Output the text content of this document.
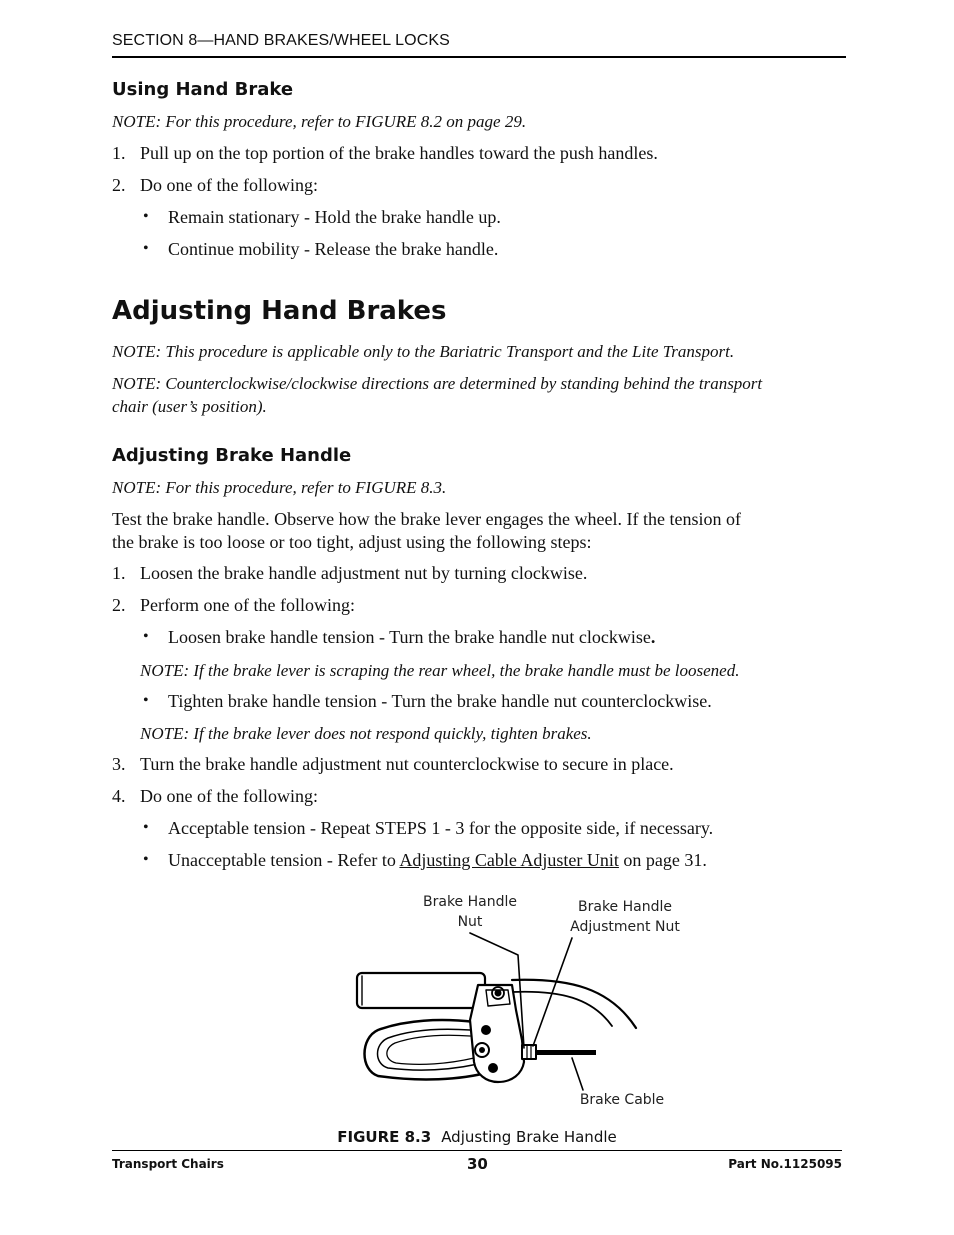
SECTION 8—HAND BRAKES/WHEEL LOCKS
Using Hand Brake
NOTE: For this procedure, refer to FIGURE 8.2 on page 29.
1. Pull up on the top portion of the brake handles toward the push handles.
2. Do one of the following:
• Remain stationary - Hold the brake handle up.
• Continue mobility - Release the brake handle.
Adjusting Hand Brakes
NOTE: This procedure is applicable only to the Bariatric Transport and the Lite Transport.
NOTE: Counterclockwise/clockwise directions are determined by standing behind the transport
chair (user’s position).
Adjusting Brake Handle
NOTE: For this procedure, refer to FIGURE 8.3.
Test the brake handle. Observe how the brake lever engages the wheel. If the tension of
the brake is too loose or too tight, adjust using the following steps:
1. Loosen the brake handle adjustment nut by turning clockwise.
2. Perform one of the following:
• Loosen brake handle tension - Turn the brake handle nut clockwise.
NOTE: If the brake lever is scraping the rear wheel, the brake handle must be loosened.
• Tighten brake handle tension - Turn the brake handle nut counterclockwise.
NOTE: If the brake lever does not respond quickly, tighten brakes.
3. Turn the brake handle adjustment nut counterclockwise to secure in place.
4. Do one of the following:
• Acceptable tension - Repeat STEPS 1 - 3 for the opposite side, if necessary.
• Unacceptable tension - Refer to Adjusting Cable Adjuster Unit on page 31.
Brake Handle
Nut
Brake Handle
Adjustment Nut
Brake Cable
FIGURE 8.3 Adjusting Brake Handle
Transport Chairs	30	Part No.1125095
